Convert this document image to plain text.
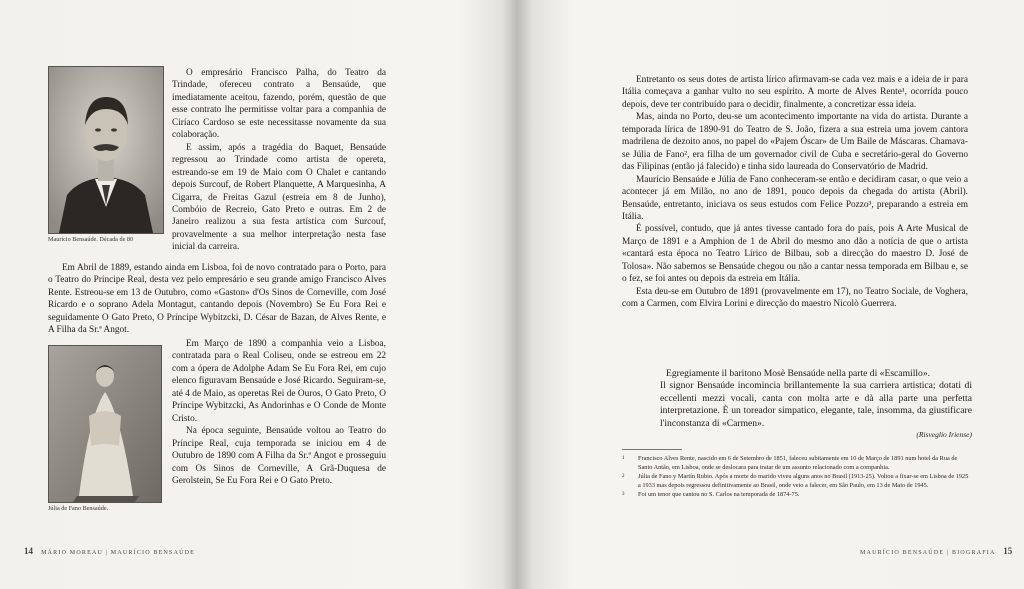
Maurício Bensaúde. Década de 80

O empresário Francisco Palha, do Teatro da Trindade, ofereceu contrato a Bensaúde, que imediatamente aceitou, fazendo, porém, questão de que esse contrato lhe permitisse voltar para a companhia de Ciríaco Cardoso se este necessitasse novamente da sua colaboração.

E assim, após a tragédia do Baquet, Bensaúde regressou ao Trindade como artista de opereta, estreando-se em 19 de Maio com O Chalet e cantando depois Surcouf, de Robert Planquette, A Marquesinha, A Cigarra, de Freitas Gazul (estreia em 8 de Junho), Combóio de Recreio, Gato Preto e outras. Em 2 de Janeiro realizou a sua festa artística com Surcouf, provavelmente a sua melhor interpretação nesta fase inicial da carreira.

Em Abril de 1889, estando ainda em Lisboa, foi de novo contratado para o Porto, para o Teatro do Príncipe Real, desta vez pelo empresário e seu grande amigo Francisco Alves Rente. Estreou-se em 13 de Outubro, como «Gaston» d'Os Sinos de Corneville, com José Ricardo e o soprano Adela Montagut, cantando depois (Novembro) Se Eu Fora Rei e seguidamente O Gato Preto, O Príncipe Wybitzcki, D. César de Bazan, de Alves Rente, e A Filha da Sr.ª Angot.

Júlia de Fano Bensaúde.

Em Março de 1890 a companhia veio a Lisboa, contratada para o Real Coliseu, onde se estreou em 22 com a ópera de Adolphe Adam Se Eu Fora Rei, em cujo elenco figuravam Bensaúde e José Ricardo. Seguiram-se, até 4 de Maio, as operetas Rei de Ouros, O Gato Preto, O Príncipe Wybitzcki, As Andorinhas e O Conde de Monte Cristo.

Na época seguinte, Bensaúde voltou ao Teatro do Príncipe Real, cuja temporada se iniciou em 4 de Outubro de 1890 com A Filha da Sr.ª Angot e prosseguiu com Os Sinos de Corneville, A Grã-Duquesa de Gerolstein, Se Eu Fora Rei e O Gato Preto.

14 MÁRIO MOREAU | MAURÍCIO BENSAÚDE

Entretanto os seus dotes de artista lírico afirmavam-se cada vez mais e a ideia de ir para Itália começava a ganhar vulto no seu espírito. A morte de Alves Rente¹, ocorrida pouco depois, deve ter contribuído para o decidir, finalmente, a concretizar essa ideia.

Mas, ainda no Porto, deu-se um acontecimento importante na vida do artista. Durante a temporada lírica de 1890-91 do Teatro de S. João, fizera a sua estreia uma jovem cantora madrilena de dezoito anos, no papel do «Pajem Óscar» de Um Baile de Máscaras. Chamava-se Júlia de Fano², era filha de um governador civil de Cuba e secretário-geral do Governo das Filipinas (então já falecido) e tinha sido laureada do Conservatório de Madrid.

Maurício Bensaúde e Júlia de Fano conheceram-se então e decidiram casar, o que veio a acontecer já em Milão, no ano de 1891, pouco depois da chegada do artista (Abril). Bensaúde, entretanto, iniciava os seus estudos com Felice Pozzo³, preparando a estreia em Itália.

É possível, contudo, que já antes tivesse cantado fora do país, pois A Arte Musical de Março de 1891 e a Amphion de 1 de Abril do mesmo ano dão a notícia de que o artista «cantará esta época no Teatro Lírico de Bilbau, sob a direcção do maestro D. José de Tolosa». Não sabemos se Bensaúde chegou ou não a cantar nessa temporada em Bilbau e, se o fez, se foi antes ou depois da estreia em Itália.

Esta deu-se em Outubro de 1891 (provavelmente em 17), no Teatro Sociale, de Voghera, com a Carmen, com Elvira Lorini e direcção do maestro Nicolò Guerrera.

Egregiamente il baritono Mosè Bensaúde nella parte di «Escamillo».

Il signor Bensaúde incomincia brillantemente la sua carriera artistica; dotati di eccellenti mezzi vocali, canta con molta arte e dà alla parte una perfetta interpretazione. È un toreador simpatico, elegante, tale, insomma, da giustificare l'inconstanza di «Carmen».

(Risveglio Iriense)

1 Francisco Alves Rente, nascido em 6 de Setembro de 1851, faleceu subitamente em 10 de Março de 1891 num hotel da Rua de Santo Antão, em Lisboa, onde se deslocara para tratar de um assunto relacionado com a companhia.
2 Júlia de Fano y Martín Rubio. Após a morte do marido viveu alguns anos no Brasil (1913-25). Voltou a fixar-se em Lisboa de 1925 a 1933 mas depois regressou definitivamente ao Brasil, onde veio a falecer, em São Paulo, em 13 de Maio de 1945.
3 Foi um tenor que cantou no S. Carlos na temporada de 1874-75.
MAURÍCIO BENSAÚDE | BIOGRAFIA 15
